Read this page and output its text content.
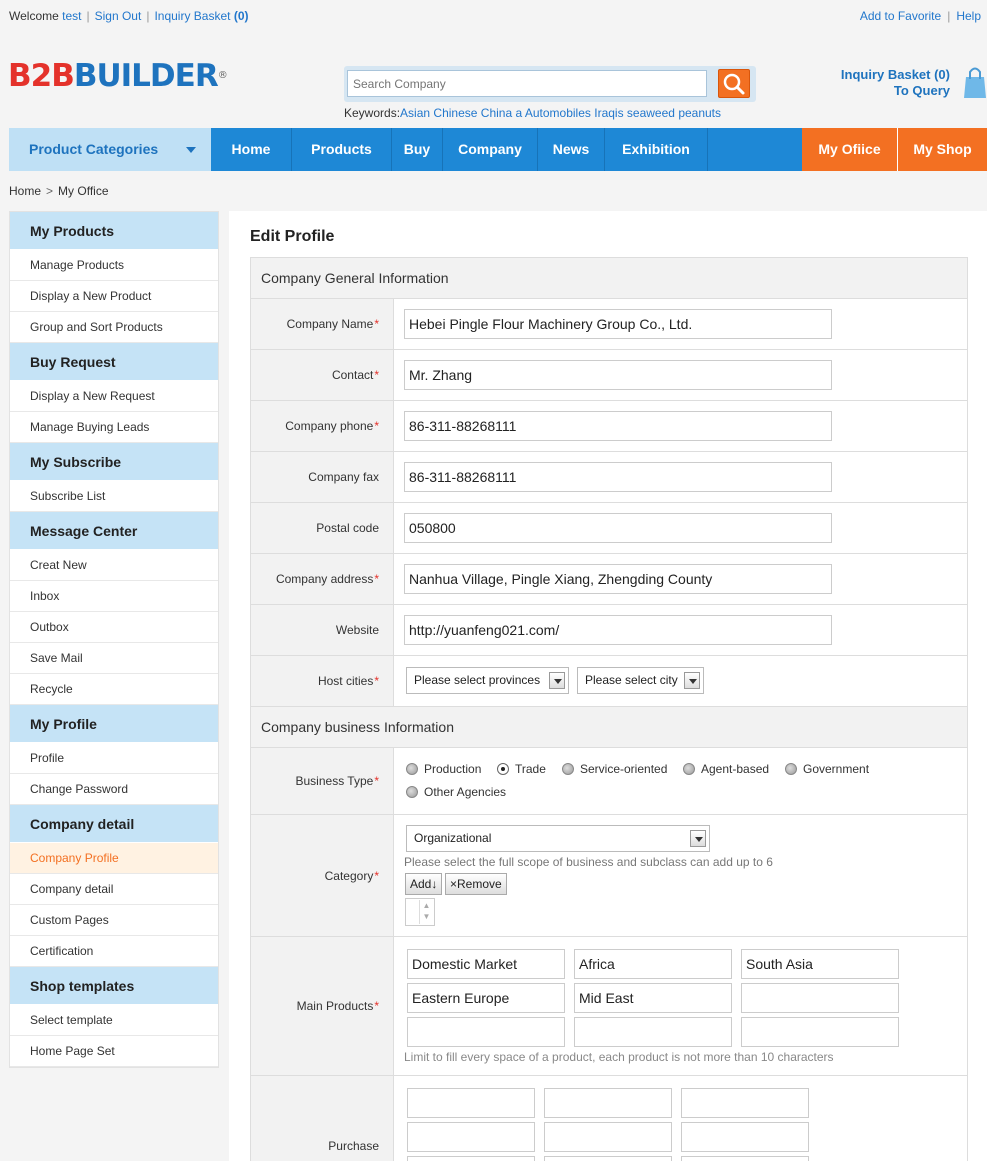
Welcome test | Sign Out | Inquiry Basket (0)	Add to Favorite | Help
B2BBUILDER®
Search Company
Keywords:Asian Chinese China a Automobiles Iraqis seaweed peanuts
Inquiry Basket (0)
To Query
Product Categories	Home	Products	Buy	Company	News	Exhibition	My Ofiice	My Shop
Home > My Office
My Products
Manage Products
Display a New Product
Group and Sort Products
Buy Request
Display a New Request
Manage Buying Leads
My Subscribe
Subscribe List
Message Center
Creat New
Inbox
Outbox
Save Mail
Recycle
My Profile
Profile
Change Password
Company detail
Company Profile
Company detail
Custom Pages
Certification
Shop templates
Select template
Home Page Set
Edit Profile
Company General Information
Company Name *	Hebei Pingle Flour Machinery Group Co., Ltd.
Contact *	Mr. Zhang
Company phone *	86-311-88268111
Company fax	86-311-88268111
Postal code	050800
Company address *	Nanhua Village, Pingle Xiang, Zhengding County
Website	http://yuanfeng021.com/
Host cities *	Please select provinces	Please select city
Company business Information
Business Type *
Production	Trade	Service-oriented	Agent-based	Government
Other Agencies
Category *
Organizational
Please select the full scope of business and subclass can add up to 6
Add↓	×Remove
▲
▼
Main Products *
Domestic Market	Africa	South Asia
Eastern Europe	Mid East
Limit to fill every space of a product, each product is not more than 10 characters
Purchase
